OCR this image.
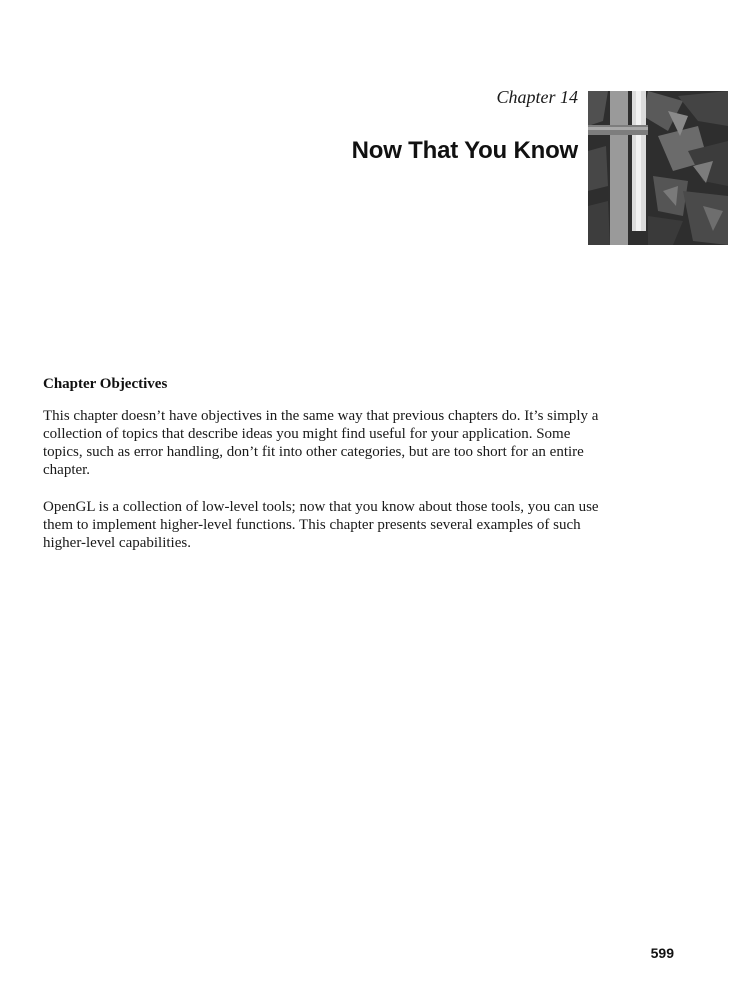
Chapter 14
Now That You Know
Chapter Objectives

This chapter doesn’t have objectives in the same way that previous chapters do. It’s simply a collection of topics that describe ideas you might find useful for your application. Some topics, such as error handling, don’t fit into other categories, but are too short for an entire chapter.

OpenGL is a collection of low-level tools; now that you know about those tools, you can use them to implement higher-level functions. This chapter presents several examples of such higher-level capabilities.

599
